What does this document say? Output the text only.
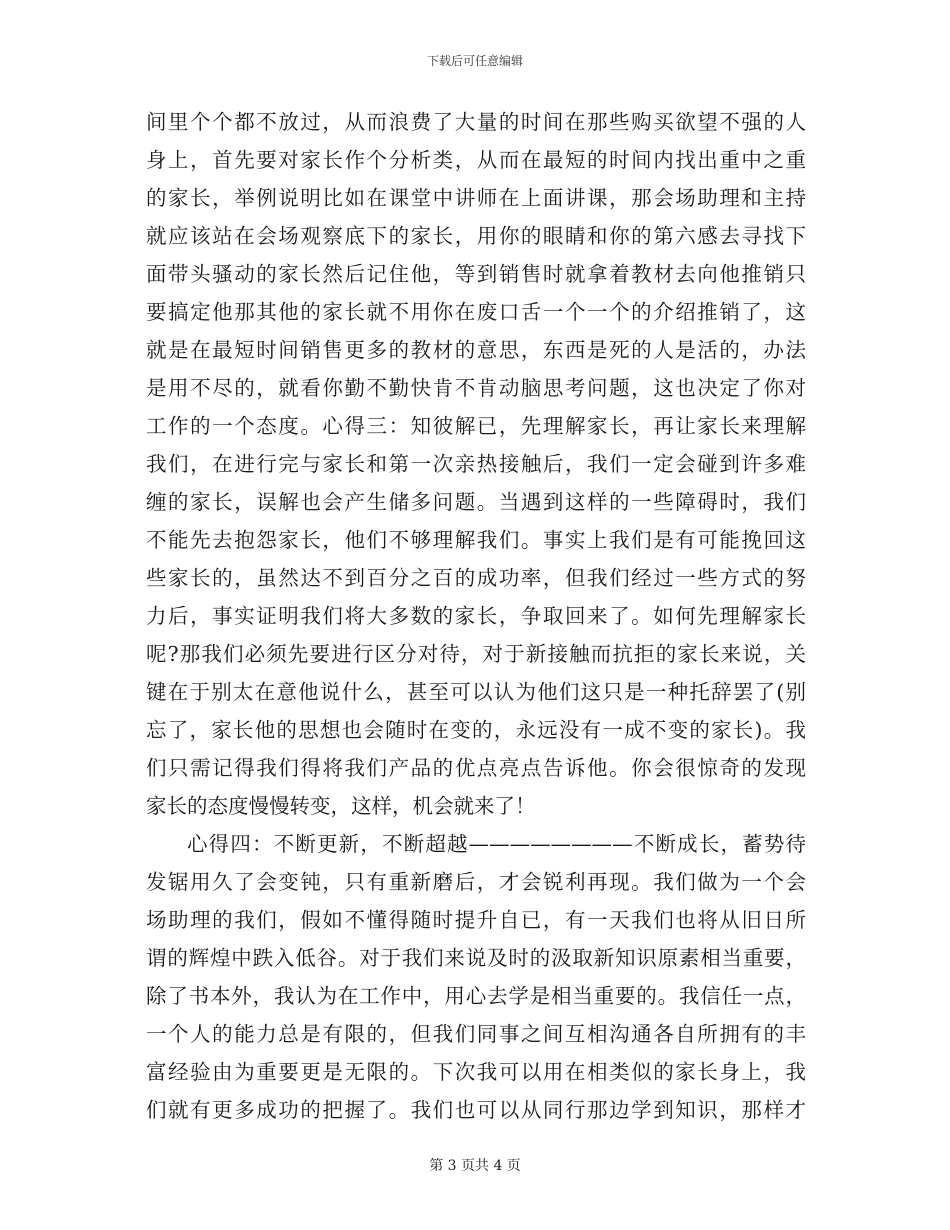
下载后可任意编辑
间里个个都不放过，从而浪费了大量的时间在那些购买欲望不强的人
身上，首先要对家长作个分析类，从而在最短的时间内找出重中之重
的家长，举例说明比如在课堂中讲师在上面讲课，那会场助理和主持
就应该站在会场观察底下的家长，用你的眼睛和你的第六感去寻找下
面带头骚动的家长然后记住他，等到销售时就拿着教材去向他推销只
要搞定他那其他的家长就不用你在废口舌一个一个的介绍推销了，这
就是在最短时间销售更多的教材的意思，东西是死的人是活的，办法
是用不尽的，就看你勤不勤快肯不肯动脑思考问题，这也决定了你对
工作的一个态度。心得三：知彼解已，先理解家长，再让家长来理解
我们，在进行完与家长和第一次亲热接触后，我们一定会碰到许多难
缠的家长，误解也会产生储多问题。当遇到这样的一些障碍时，我们
不能先去抱怨家长，他们不够理解我们。事实上我们是有可能挽回这
些家长的，虽然达不到百分之百的成功率，但我们经过一些方式的努
力后，事实证明我们将大多数的家长，争取回来了。如何先理解家长
呢?那我们必须先要进行区分对待，对于新接触而抗拒的家长来说，关
键在于别太在意他说什么，甚至可以认为他们这只是一种托辞罢了(别
忘了，家长他的思想也会随时在变的，永远没有一成不变的家长)。我
们只需记得我们得将我们产品的优点亮点告诉他。你会很惊奇的发现
家长的态度慢慢转变，这样，机会就来了！
心得四：不断更新，不断超越————————不断成长，蓄势待
发锯用久了会变钝，只有重新磨后，才会锐利再现。我们做为一个会
场助理的我们，假如不懂得随时提升自已，有一天我们也将从旧日所
谓的辉煌中跌入低谷。对于我们来说及时的汲取新知识原素相当重要，
除了书本外，我认为在工作中，用心去学是相当重要的。我信任一点，
一个人的能力总是有限的，但我们同事之间互相沟通各自所拥有的丰
富经验由为重要更是无限的。下次我可以用在相类似的家长身上，我
们就有更多成功的把握了。我们也可以从同行那边学到知识，那样才
第 3 页共 4 页
